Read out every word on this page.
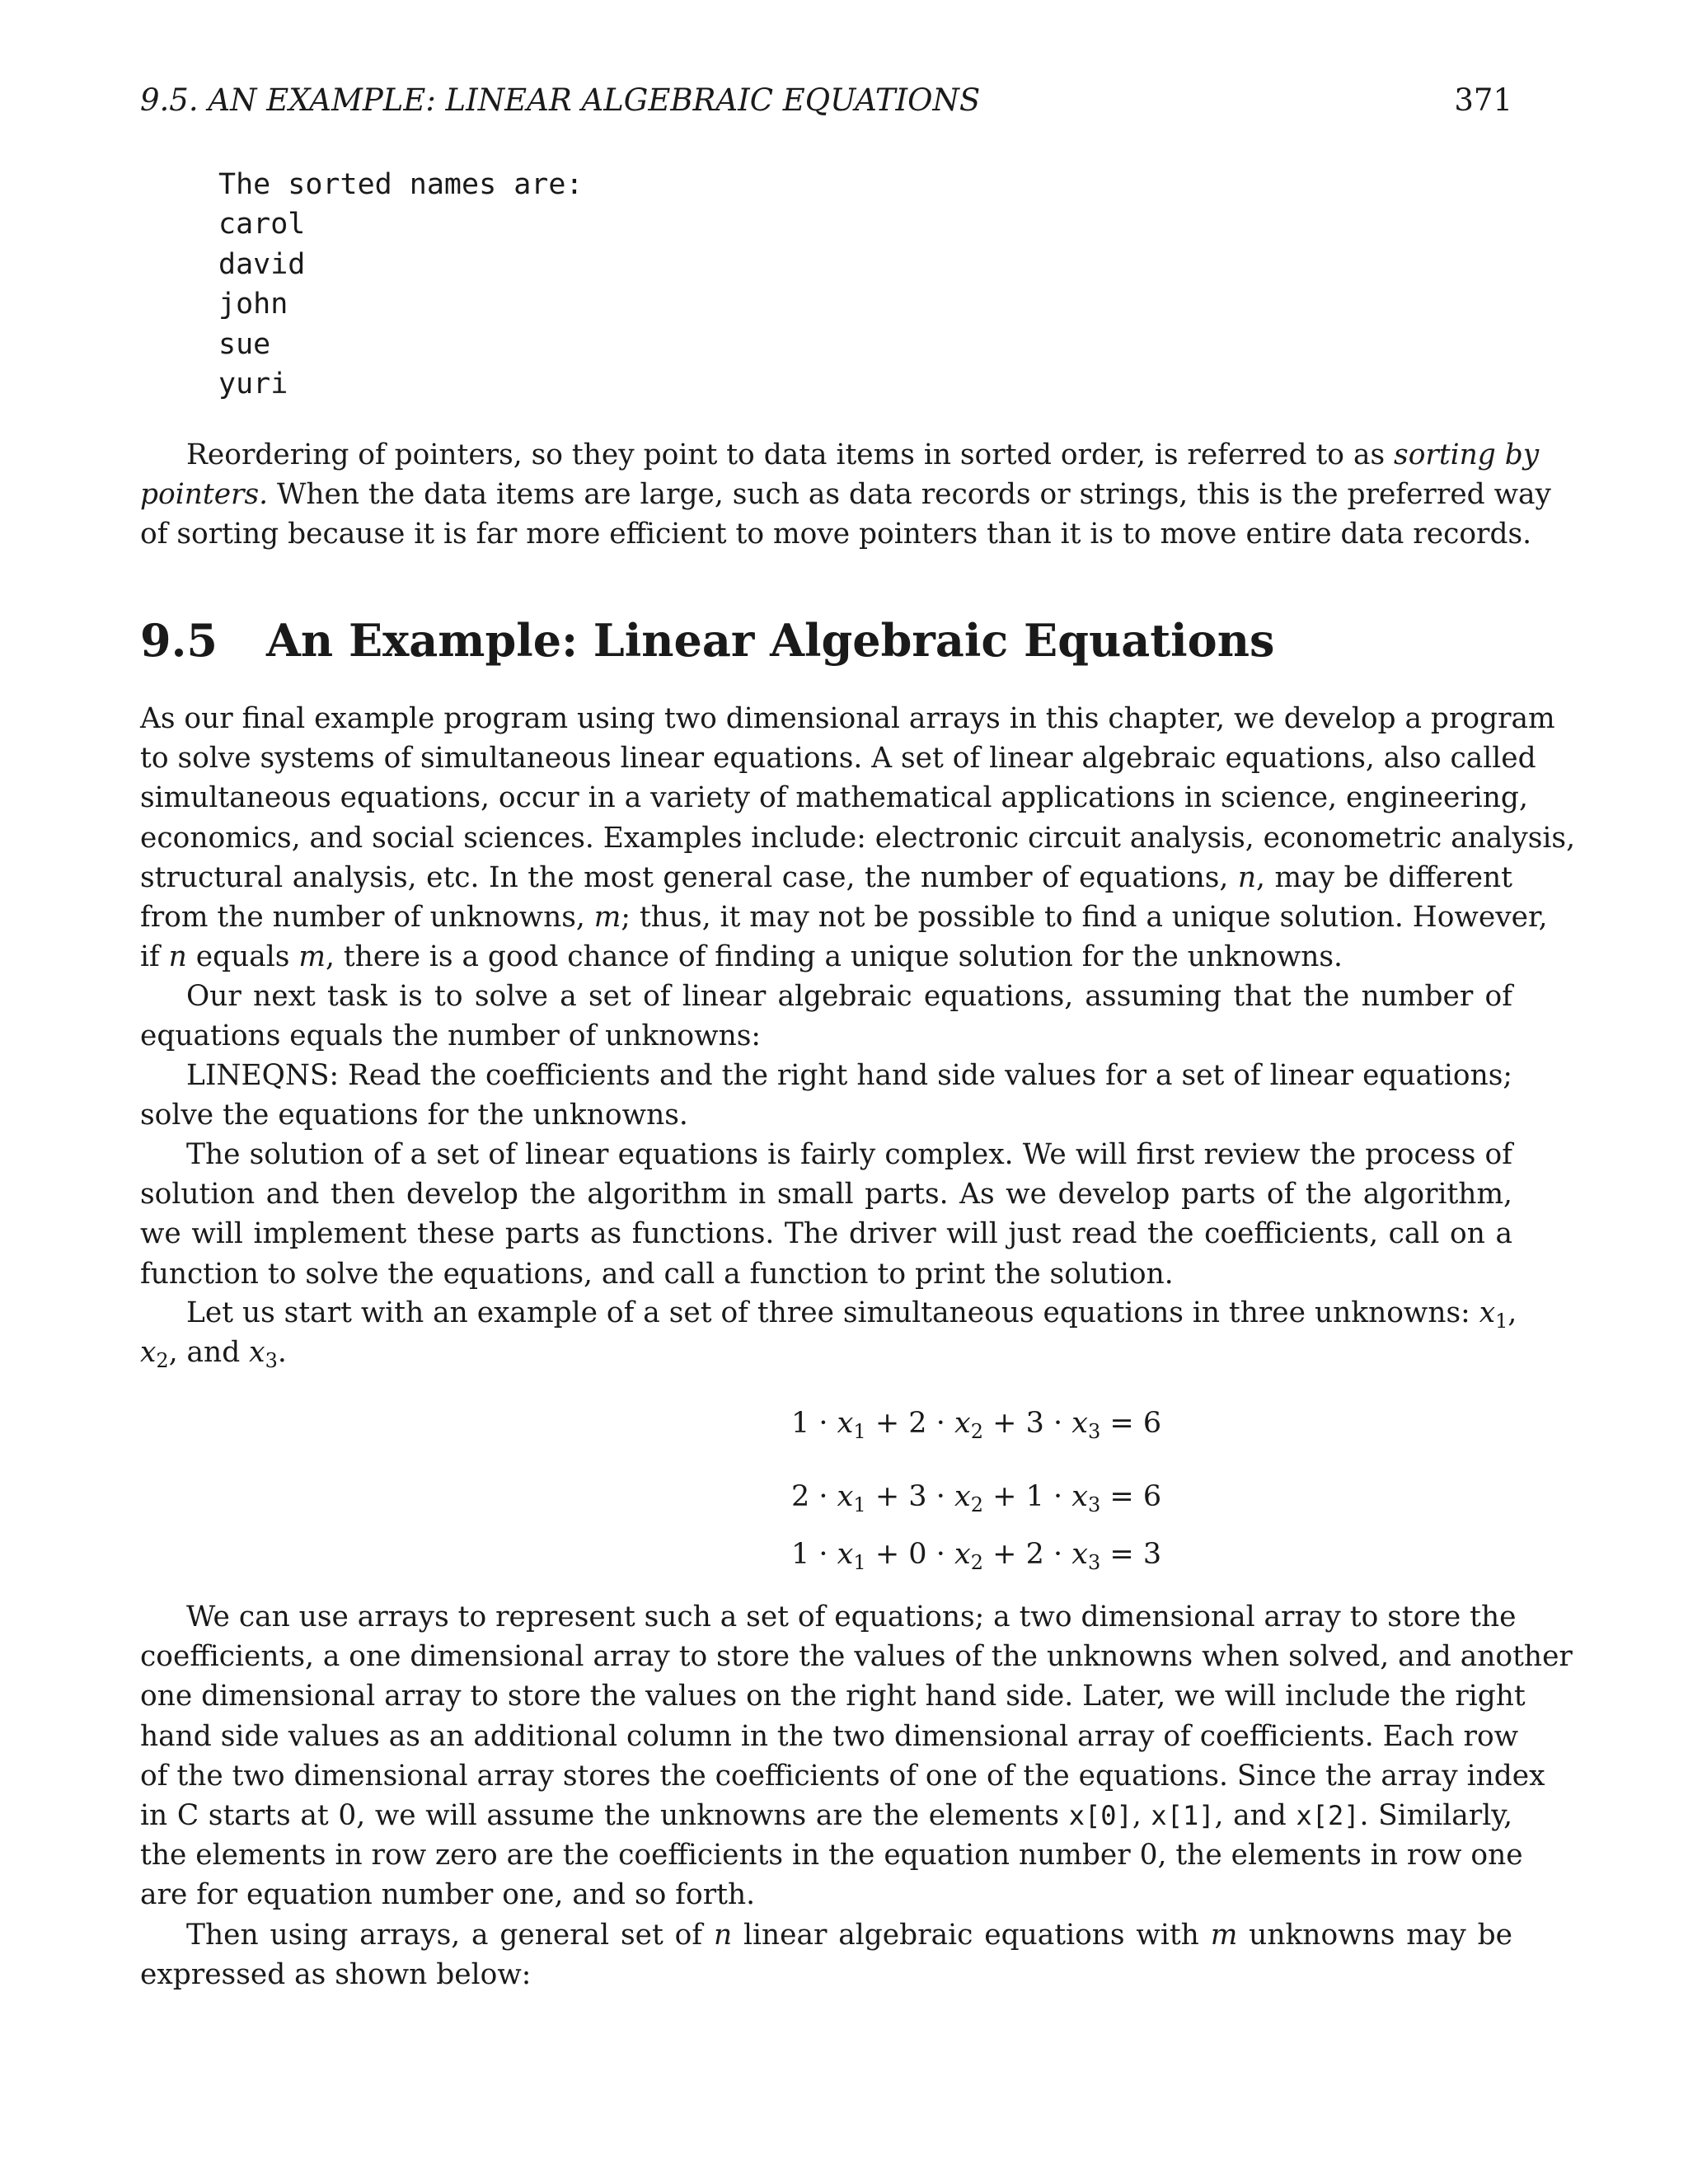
9.5. AN EXAMPLE: LINEAR ALGEBRAIC EQUATIONS	371
The sorted names are:
carol
david
john
sue
yuri
Reordering of pointers, so they point to data items in sorted order, is referred to as sorting by
pointers. When the data items are large, such as data records or strings, this is the preferred way
of sorting because it is far more efficient to move pointers than it is to move entire data records.
9.5 An Example: Linear Algebraic Equations
As our final example program using two dimensional arrays in this chapter, we develop a program
to solve systems of simultaneous linear equations. A set of linear algebraic equations, also called
simultaneous equations, occur in a variety of mathematical applications in science, engineering,
economics, and social sciences. Examples include: electronic circuit analysis, econometric analysis,
structural analysis, etc. In the most general case, the number of equations, n, may be different
from the number of unknowns, m; thus, it may not be possible to find a unique solution. However,
if n equals m, there is a good chance of finding a unique solution for the unknowns.
Our next task is to solve a set of linear algebraic equations, assuming that the number of
equations equals the number of unknowns:
LINEQNS: Read the coefficients and the right hand side values for a set of linear equations;
solve the equations for the unknowns.
The solution of a set of linear equations is fairly complex. We will first review the process of
solution and then develop the algorithm in small parts. As we develop parts of the algorithm,
we will implement these parts as functions. The driver will just read the coefficients, call on a
function to solve the equations, and call a function to print the solution.
Let us start with an example of a set of three simultaneous equations in three unknowns: $x_1$,
$x_2$, and $x_3$.
$1 \cdot x_1 + 2 \cdot x_2 + 3 \cdot x_3 = 6$
$2 \cdot x_1 + 3 \cdot x_2 + 1 \cdot x_3 = 6$
$1 \cdot x_1 + 0 \cdot x_2 + 2 \cdot x_3 = 3$
We can use arrays to represent such a set of equations; a two dimensional array to store the
coefficients, a one dimensional array to store the values of the unknowns when solved, and another
one dimensional array to store the values on the right hand side. Later, we will include the right
hand side values as an additional column in the two dimensional array of coefficients. Each row
of the two dimensional array stores the coefficients of one of the equations. Since the array index
in C starts at 0, we will assume the unknowns are the elements x[0], x[1], and x[2]. Similarly,
the elements in row zero are the coefficients in the equation number 0, the elements in row one
are for equation number one, and so forth.
Then using arrays, a general set of n linear algebraic equations with m unknowns may be
expressed as shown below:
